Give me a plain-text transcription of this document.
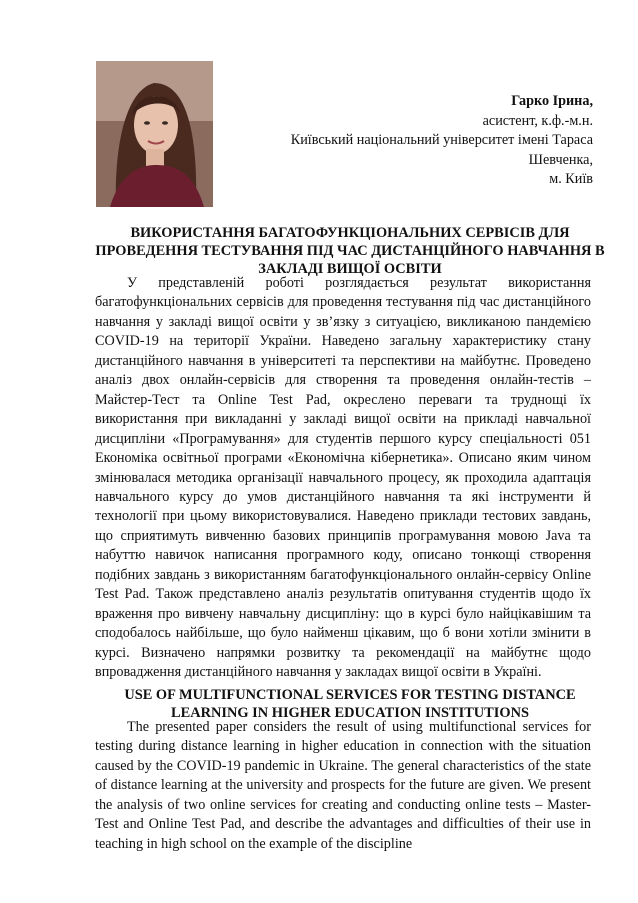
Гарко Ірина,
асистент, к.ф.-м.н.
Київський національний університет імені Тараса
Шевченка,
м. Київ
ВИКОРИСТАННЯ БАГАТОФУНКЦІОНАЛЬНИХ СЕРВІСІВ ДЛЯ ПРОВЕДЕННЯ ТЕСТУВАННЯ ПІД ЧАС ДИСТАНЦІЙНОГО НАВЧАННЯ В ЗАКЛАДІ ВИЩОЇ ОСВІТИ

У представленій роботі розглядається результат використання багатофункціональних сервісів для проведення тестування під час дистанційного навчання у закладі вищої освіти у зв’язку з ситуацією, викликаною пандемією COVID-19 на території України. Наведено загальну характеристику стану дистанційного навчання в університеті та перспективи на майбутнє. Проведено аналіз двох онлайн-сервісів для створення та проведення онлайн-тестів – Майстер-Тест та Online Test Pad, окреслено переваги та труднощі їх використання при викладанні у закладі вищої освіти на прикладі навчальної дисципліни «Програмування» для студентів першого курсу спеціальності 051 Економіка освітньої програми «Економічна кібернетика». Описано яким чином змінювалася методика організації навчального процесу, як проходила адаптація навчального курсу до умов дистанційного навчання та які інструменти й технології при цьому використовувалися. Наведено приклади тестових завдань, що сприятимуть вивченню базових принципів програмування мовою Java та набуттю навичок написання програмного коду, описано тонкощі створення подібних завдань з використанням багатофункціонального онлайн-сервісу Online Test Pad. Також представлено аналіз результатів опитування студентів щодо їх враження про вивчену навчальну дисципліну: що в курсі було найцікавішим та сподобалось найбільше, що було найменш цікавим, що б вони хотіли змінити в курсі. Визначено напрямки розвитку та рекомендації на майбутнє щодо впровадження дистанційного навчання у закладах вищої освіти в Україні.

USE OF MULTIFUNCTIONAL SERVICES FOR TESTING DISTANCE LEARNING IN HIGHER EDUCATION INSTITUTIONS

The presented paper considers the result of using multifunctional services for testing during distance learning in higher education in connection with the situation caused by the COVID-19 pandemic in Ukraine. The general characteristics of the state of distance learning at the university and prospects for the future are given. We present the analysis of two online services for creating and conducting online tests – Master-Test and Online Test Pad, and describe the advantages and difficulties of their use in teaching in high school on the example of the discipline
